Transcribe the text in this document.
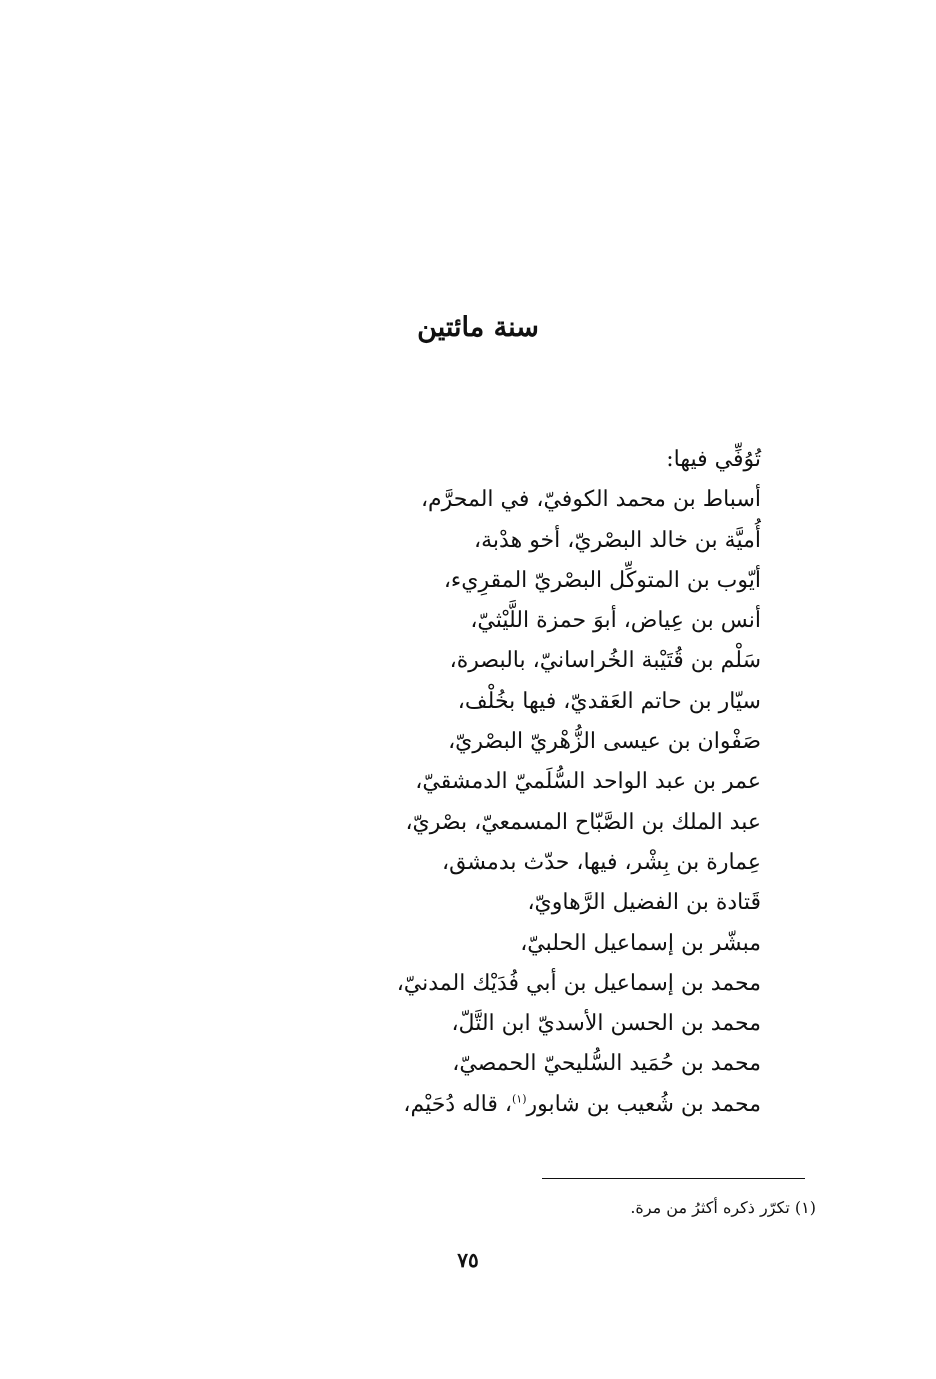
سنة مائتين
تُوُفِّي فيها:
أسباط بن محمد الكوفيّ، في المحرَّم،
أُميَّة بن خالد البصْريّ، أخو هدْبة،
أيّوب بن المتوكِّل البصْريّ المقرِيء،
أنس بن عِياض، أبوَ حمزة اللَّيْثيّ،
سَلْم بن قُتَيْبة الخُراسانيّ، بالبصرة،
سيّار بن حاتم العَقديّ، فيها بخُلْف،
صَفْوان بن عيسى الزُّهْريّ البصْريّ،
عمر بن عبد الواحد السُّلَميّ الدمشقيّ،
عبد الملك بن الصَّبّاح المسمعيّ، بصْريّ،
عِمارة بن بِشْر، فيها، حدّث بدمشق،
قَتادة بن الفضيل الرَّهاويّ،
مبشّر بن إسماعيل الحلبيّ،
محمد بن إسماعيل بن أبي فُدَيْك المدنيّ،
محمد بن الحسن الأسديّ ابن التَّلّ،
محمد بن حُمَيد السُّليحيّ الحمصيّ،
محمد بن شُعيب بن شابور$^{(١)}$، قاله دُحَيْم،
(١) تكرّر ذكره أكثرُ من مرة.
٧٥
